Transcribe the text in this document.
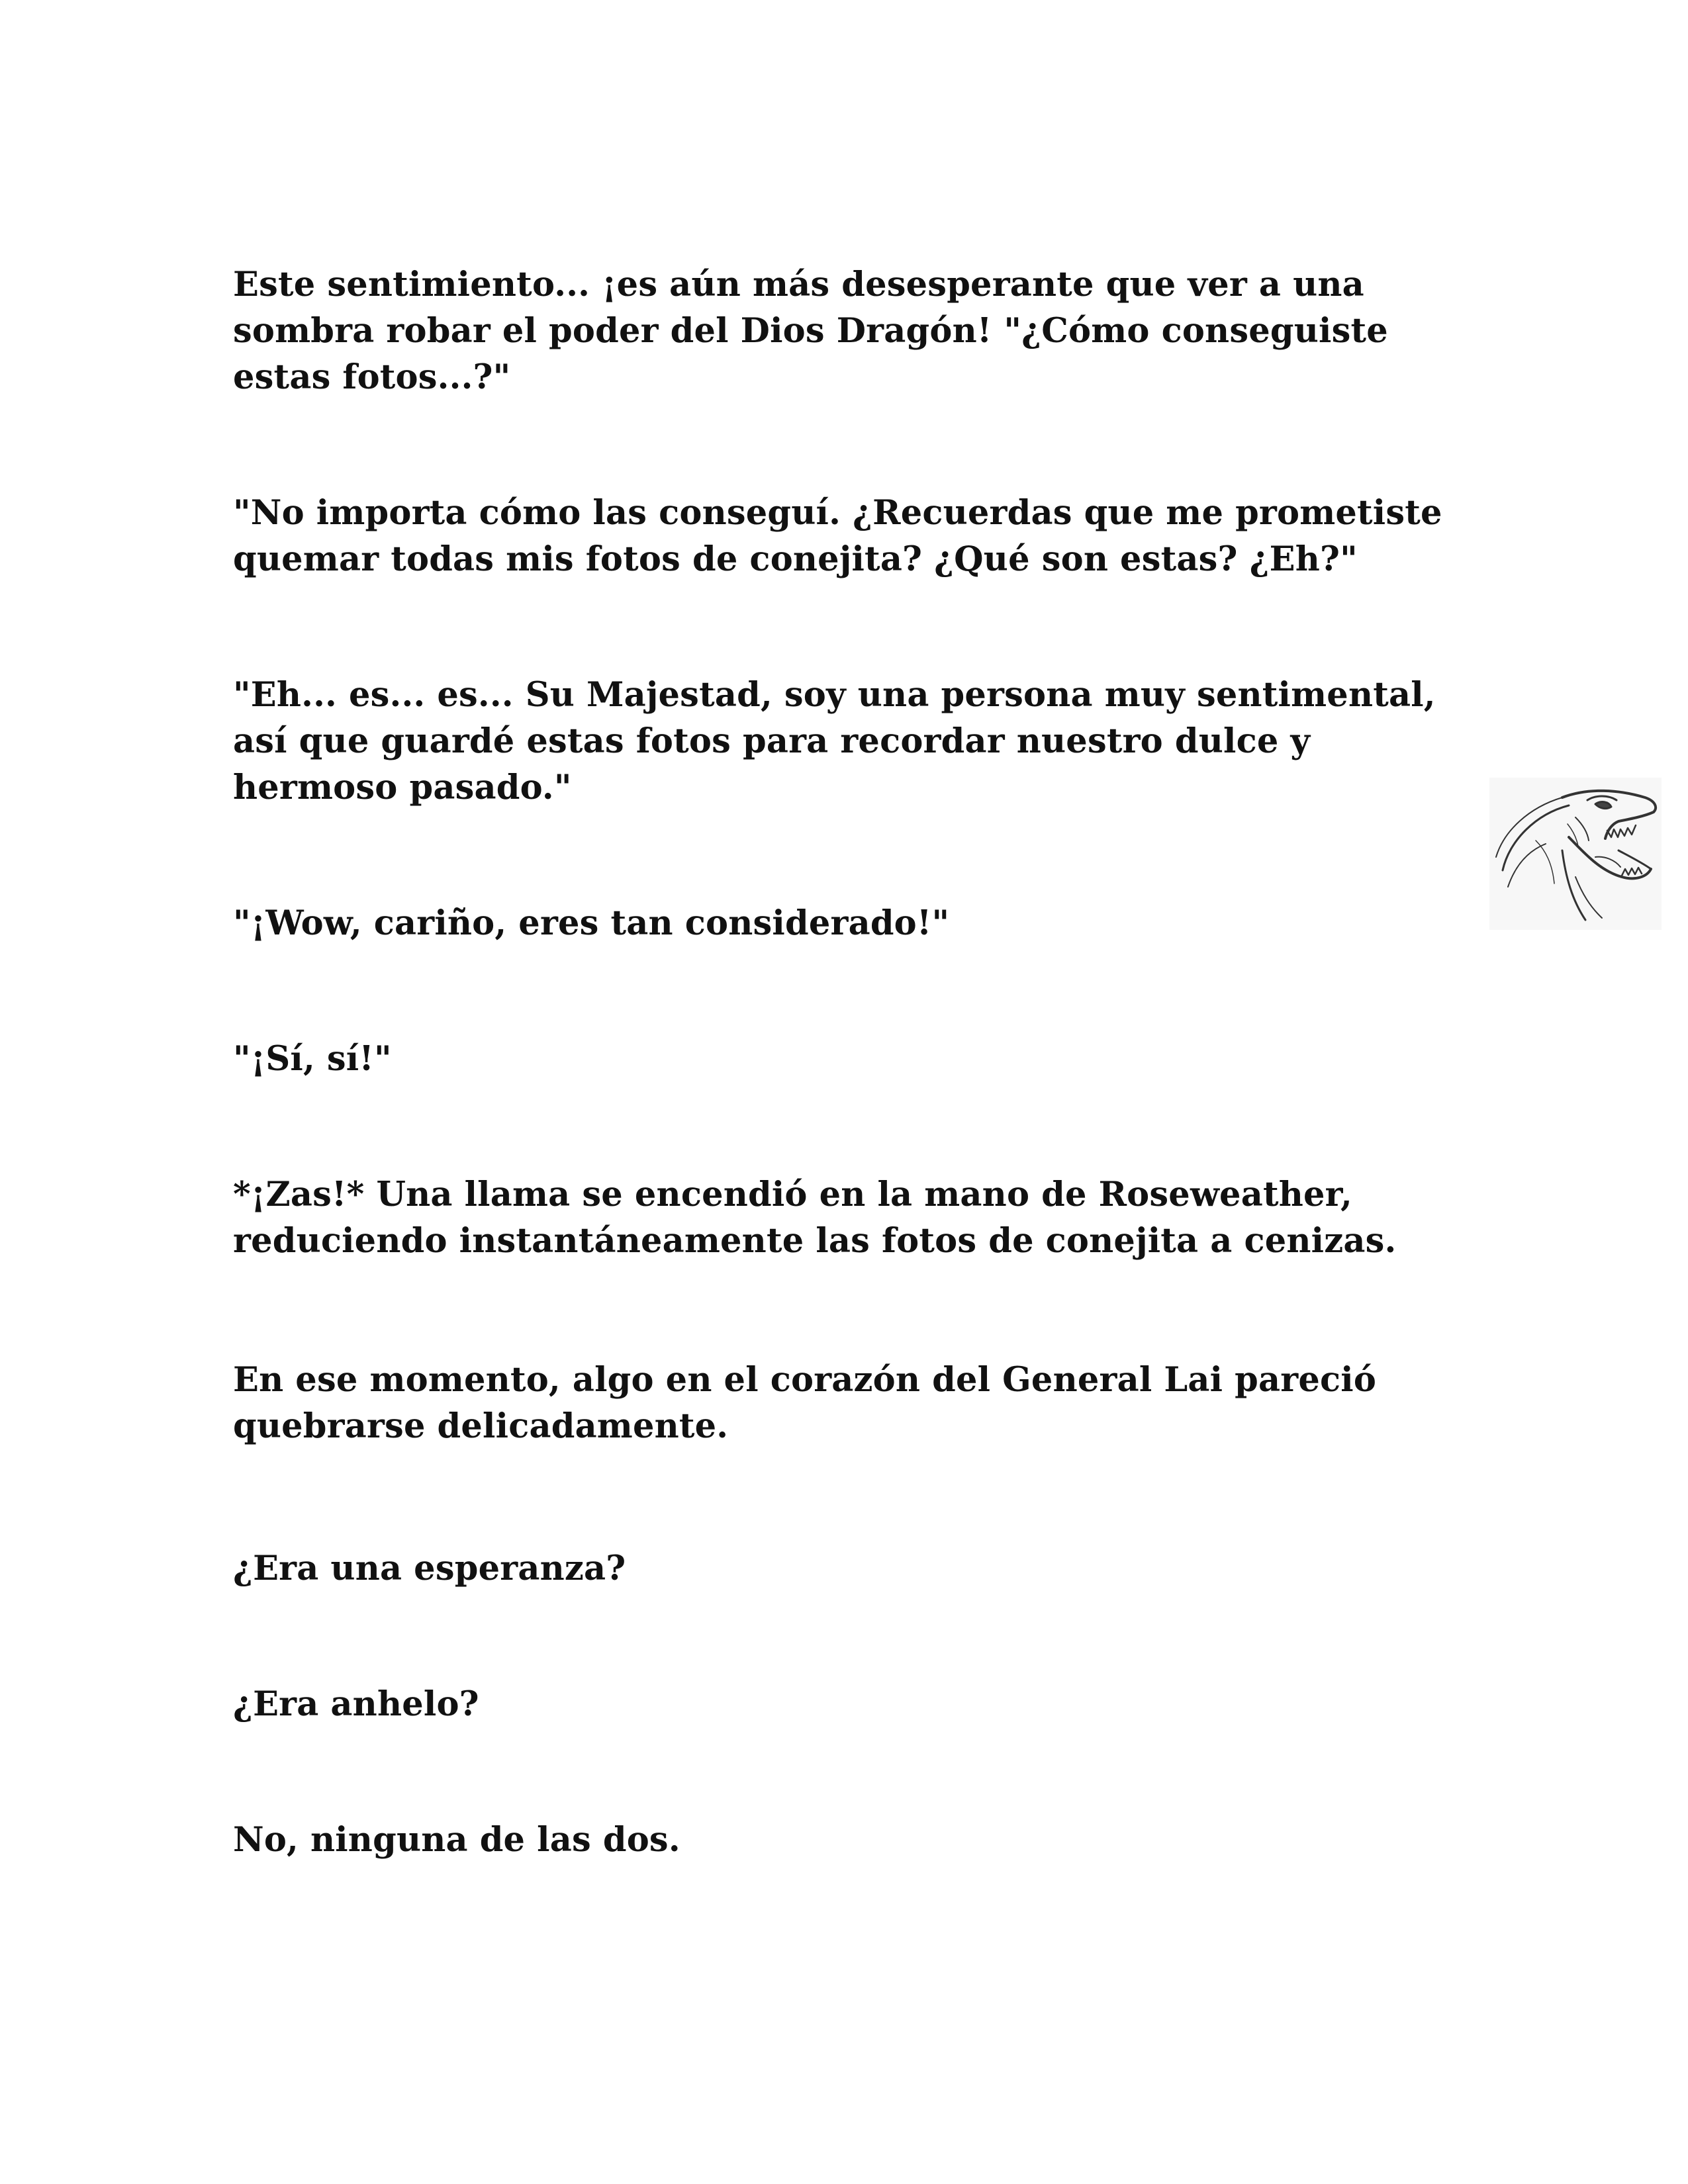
Este sentimiento... ¡es aún más desesperante que ver a una
sombra robar el poder del Dios Dragón! "¿Cómo conseguiste
estas fotos...?"

"No importa cómo las conseguí. ¿Recuerdas que me prometiste
quemar todas mis fotos de conejita? ¿Qué son estas? ¿Eh?"

"Eh... es... es... Su Majestad, soy una persona muy sentimental,
así que guardé estas fotos para recordar nuestro dulce y
hermoso pasado."

"¡Wow, cariño, eres tan considerado!"

"¡Sí, sí!"

*¡Zas!* Una llama se encendió en la mano de Roseweather,
reduciendo instantáneamente las fotos de conejita a cenizas.

En ese momento, algo en el corazón del General Lai pareció
quebrarse delicadamente.

¿Era una esperanza?

¿Era anhelo?

No, ninguna de las dos.
